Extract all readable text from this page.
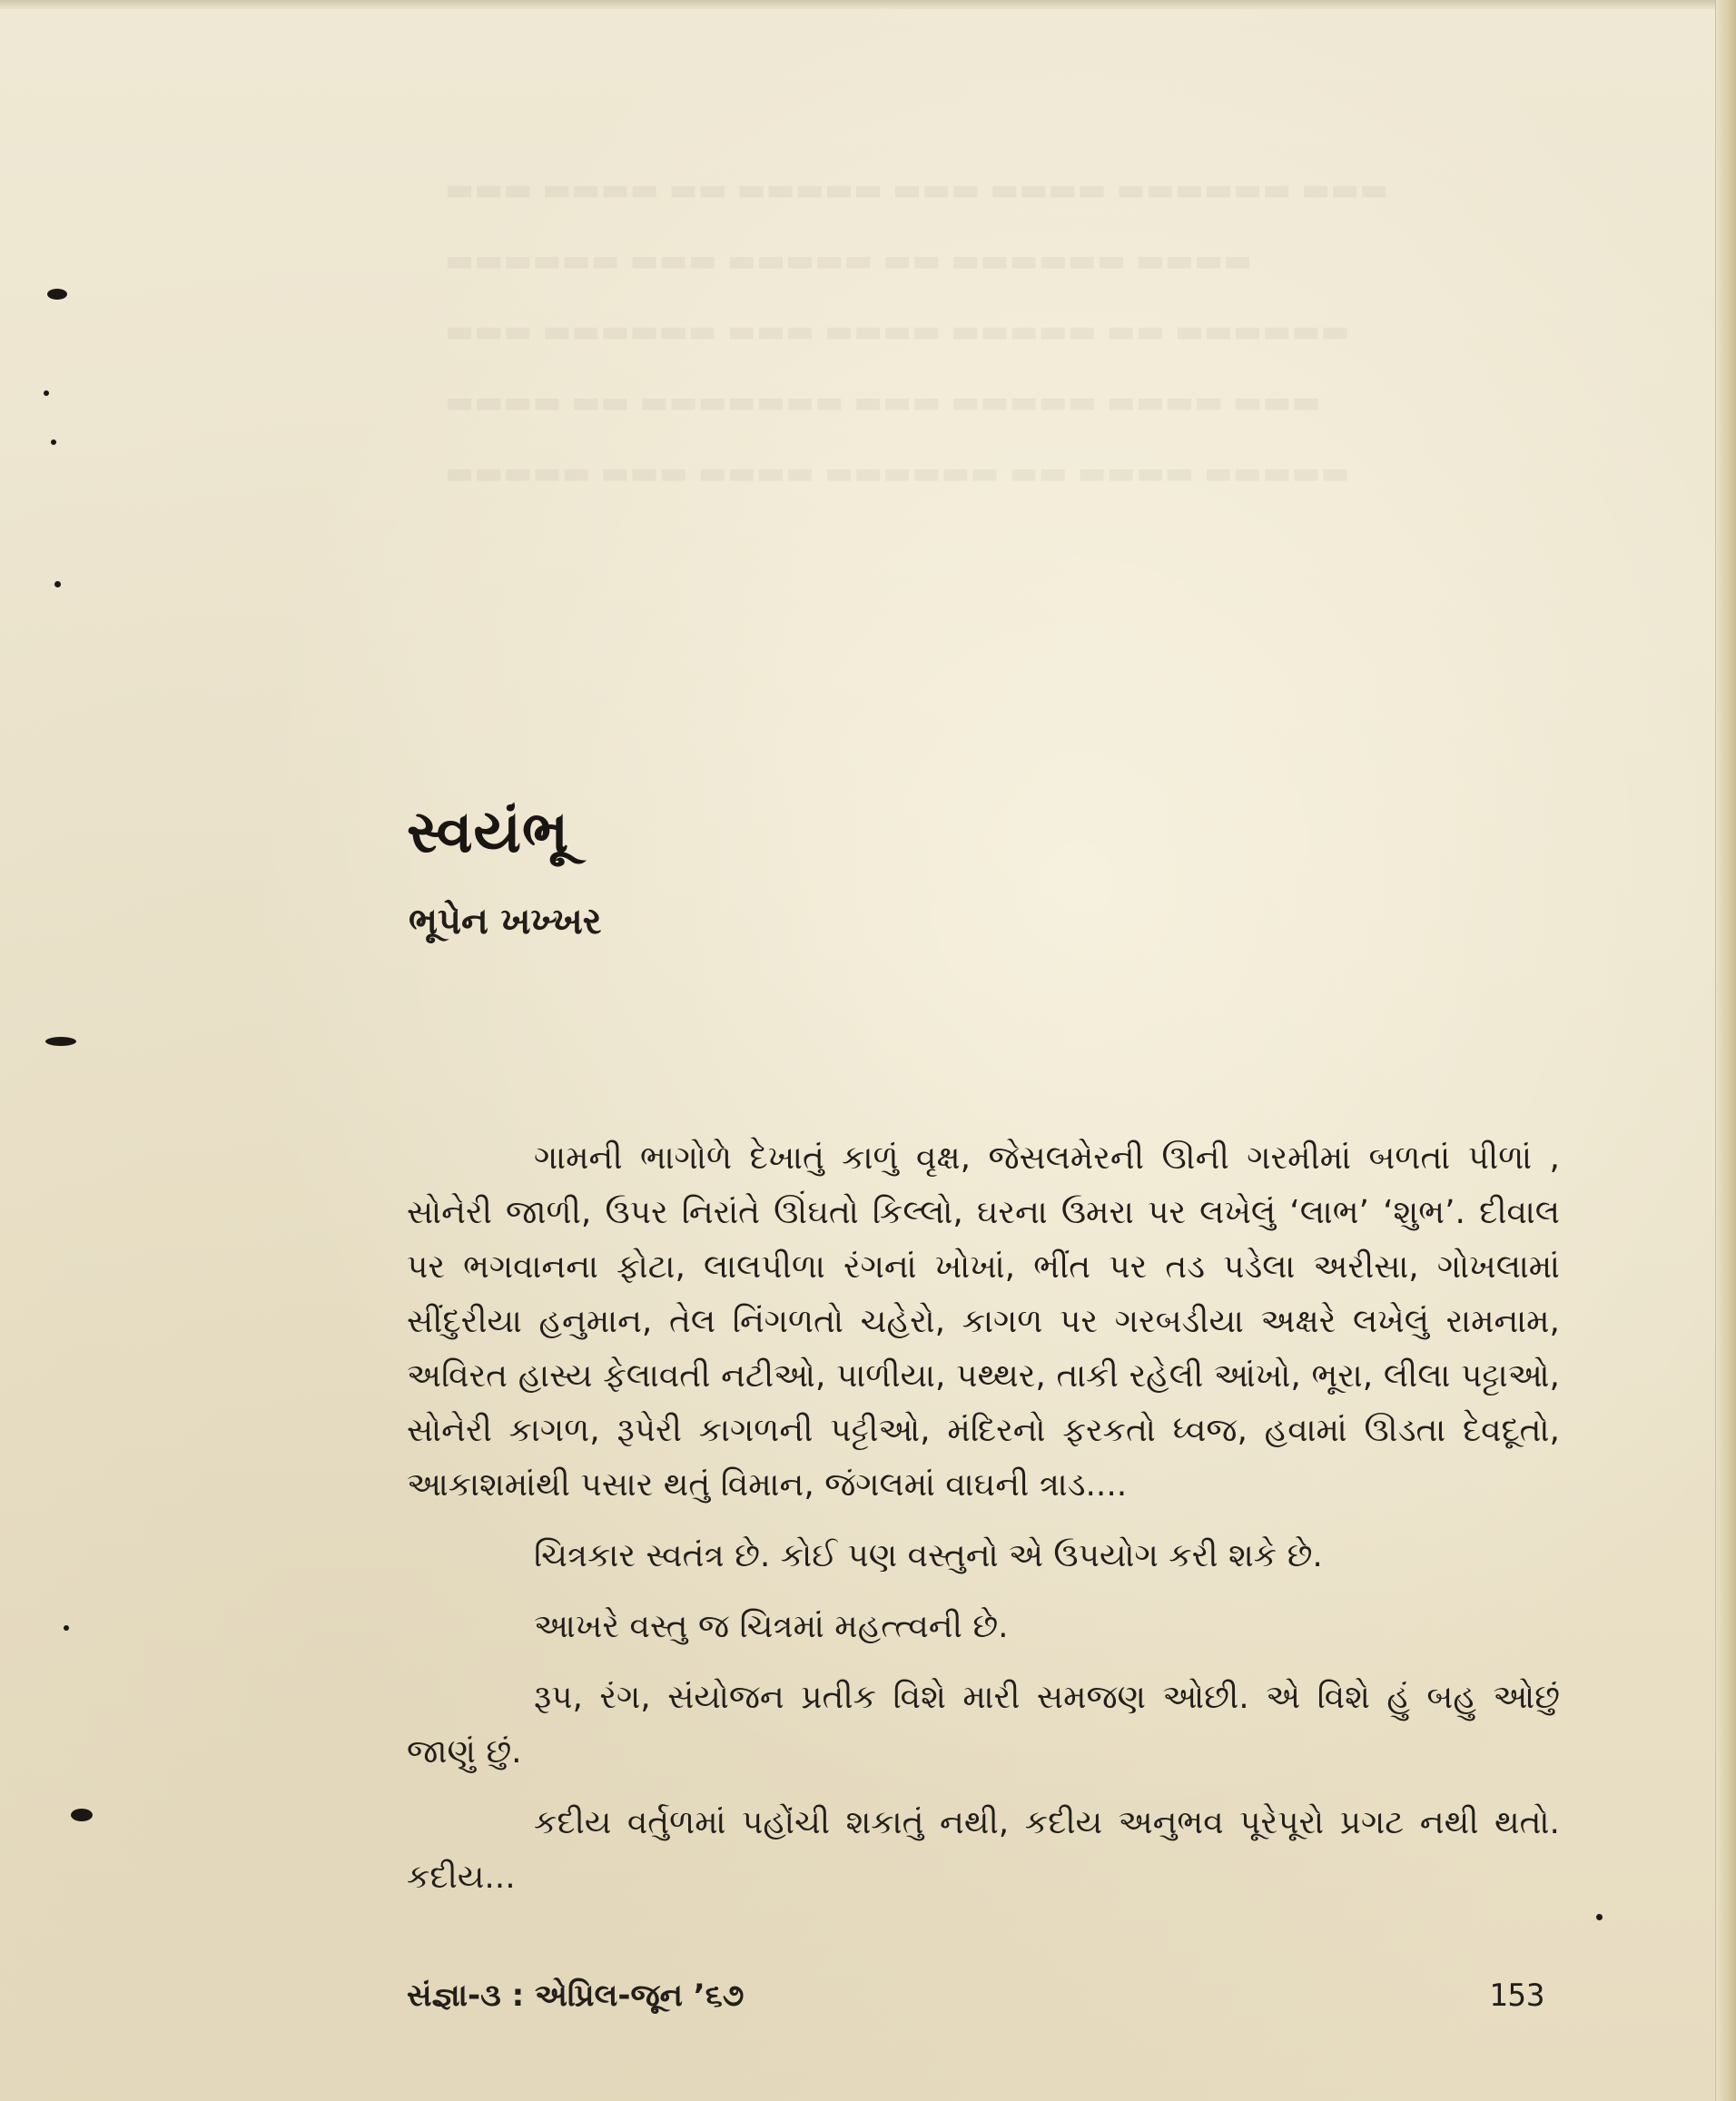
▬▬▬ ▬▬▬▬ ▬▬ ▬▬▬▬▬ ▬▬▬ ▬▬▬▬ ▬▬▬▬▬▬ ▬▬▬
▬▬▬▬▬▬ ▬▬▬ ▬▬▬▬▬ ▬▬ ▬▬▬▬▬▬ ▬▬▬▬
▬▬▬ ▬▬▬▬▬▬ ▬▬▬ ▬▬▬▬ ▬▬▬▬▬ ▬▬ ▬▬▬▬▬▬
▬▬▬▬ ▬▬ ▬▬▬▬▬▬▬ ▬▬▬ ▬▬▬▬▬ ▬▬▬▬ ▬▬▬
▬▬▬▬▬ ▬▬▬ ▬▬▬▬ ▬▬▬▬▬▬ ▬▬ ▬▬▬▬ ▬▬▬▬▬
સ્વયંભૂ
ભૂપેન ખખ્ખર

ગામની ભાગોળે દેખાતું કાળું વૃક્ષ, જેસલમેરની ઊની ગરમીમાં બળતાં પીળાં , સોનેરી જાળી, ઉપર નિરાંતે ઊંઘતો કિલ્લો, ઘરના ઉમરા પર લખેલું ‘લાભ’ ‘શુભ’. દીવાલ પર ભગવાનના ફોટા, લાલપીળા રંગનાં ખોખાં, ભીંત પર તડ પડેલા અરીસા, ગોખલામાં સીંદુરીયા હનુમાન, તેલ નિંગળતો ચહેરો, કાગળ પર ગરબડીયા અક્ષરે લખેલું રામનામ, અવિરત હાસ્ય ફેલાવતી નટીઓ, પાળીયા, પથ્થર, તાકી રહેલી આંખો, ભૂરા, લીલા પટ્ટાઓ, સોનેરી કાગળ, રૂપેરી કાગળની પટ્ટીઓ, મંદિરનો ફરકતો ધ્વજ, હવામાં ઊડતા દેવદૂતો, આકાશમાંથી પસાર થતું વિમાન, જંગલમાં વાઘની ત્રાડ....

ચિત્રકાર સ્વતંત્ર છે. કોઈ પણ વસ્તુનો એ ઉપયોગ કરી શકે છે.

આખરે વસ્તુ જ ચિત્રમાં મહત્ત્વની છે.

રૂપ, રંગ, સંયોજન પ્રતીક વિશે મારી સમજણ ઓછી. એ વિશે હું બહુ ઓછું જાણું છું.

કદીય વર્તુળમાં પહોંચી શકાતું નથી, કદીય અનુભવ પૂરેપૂરો પ્રગટ નથી થતો. કદીય...

સંજ્ઞા-૩ : એપ્રિલ-જૂન ’૬૭	153
